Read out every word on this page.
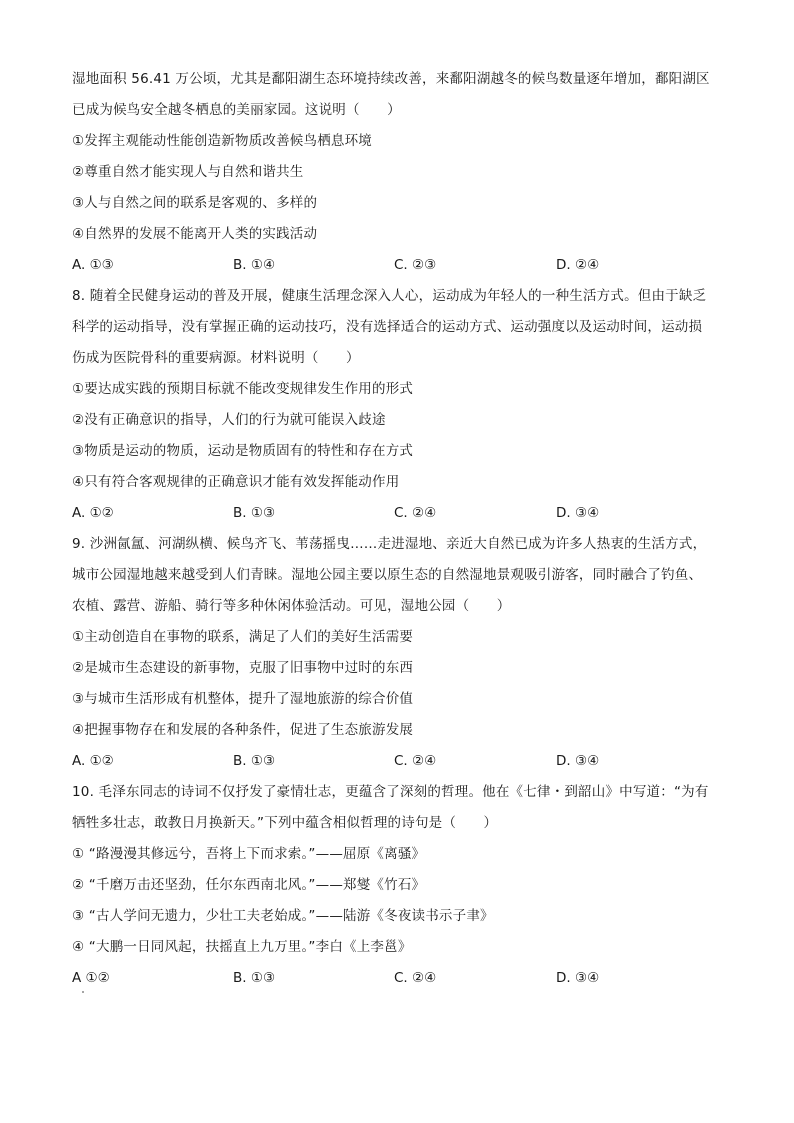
湿地面积 56.41 万公顷，尤其是鄱阳湖生态环境持续改善，来鄱阳湖越冬的候鸟数量逐年增加，鄱阳湖区
已成为候鸟安全越冬栖息的美丽家园。这说明（　　）
①发挥主观能动性能创造新物质改善候鸟栖息环境
②尊重自然才能实现人与自然和谐共生
③人与自然之间的联系是客观的、多样的
④自然界的发展不能离开人类的实践活动
A. ①③	B. ①④	C. ②③	D. ②④
8. 随着全民健身运动的普及开展，健康生活理念深入人心，运动成为年轻人的一种生活方式。但由于缺乏
科学的运动指导，没有掌握正确的运动技巧，没有选择适合的运动方式、运动强度以及运动时间，运动损
伤成为医院骨科的重要病源。材料说明（　　）
①要达成实践的预期目标就不能改变规律发生作用的形式
②没有正确意识的指导，人们的行为就可能误入歧途
③物质是运动的物质，运动是物质固有的特性和存在方式
④只有符合客观规律的正确意识才能有效发挥能动作用
A. ①②	B. ①③	C. ②④	D. ③④
9. 沙洲氤氲、河湖纵横、候鸟齐飞、苇荡摇曳……走进湿地、亲近大自然已成为许多人热衷的生活方式，
城市公园湿地越来越受到人们青睐。湿地公园主要以原生态的自然湿地景观吸引游客，同时融合了钓鱼、
农植、露营、游船、骑行等多种休闲体验活动。可见，湿地公园（　　）
①主动创造自在事物的联系，满足了人们的美好生活需要
②是城市生态建设的新事物，克服了旧事物中过时的东西
③与城市生活形成有机整体，提升了湿地旅游的综合价值
④把握事物存在和发展的各种条件，促进了生态旅游发展
A. ①②	B. ①③	C. ②④	D. ③④
10. 毛泽东同志的诗词不仅抒发了豪情壮志，更蕴含了深刻的哲理。他在《七律・到韶山》中写道：“为有
牺牲多壮志，敢教日月换新天。”下列中蕴含相似哲理的诗句是（　　）
① “路漫漫其修远兮，吾将上下而求索。”——屈原《离骚》
② “千磨万击还坚劲，任尔东西南北风。”——郑燮《竹石》
③ “古人学问无遗力，少壮工夫老始成。”——陆游《冬夜读书示子聿》
④ “大鹏一日同风起，扶摇直上九万里。”李白《上李邕》
A ①②	B. ①③	C. ②④	D. ③④
